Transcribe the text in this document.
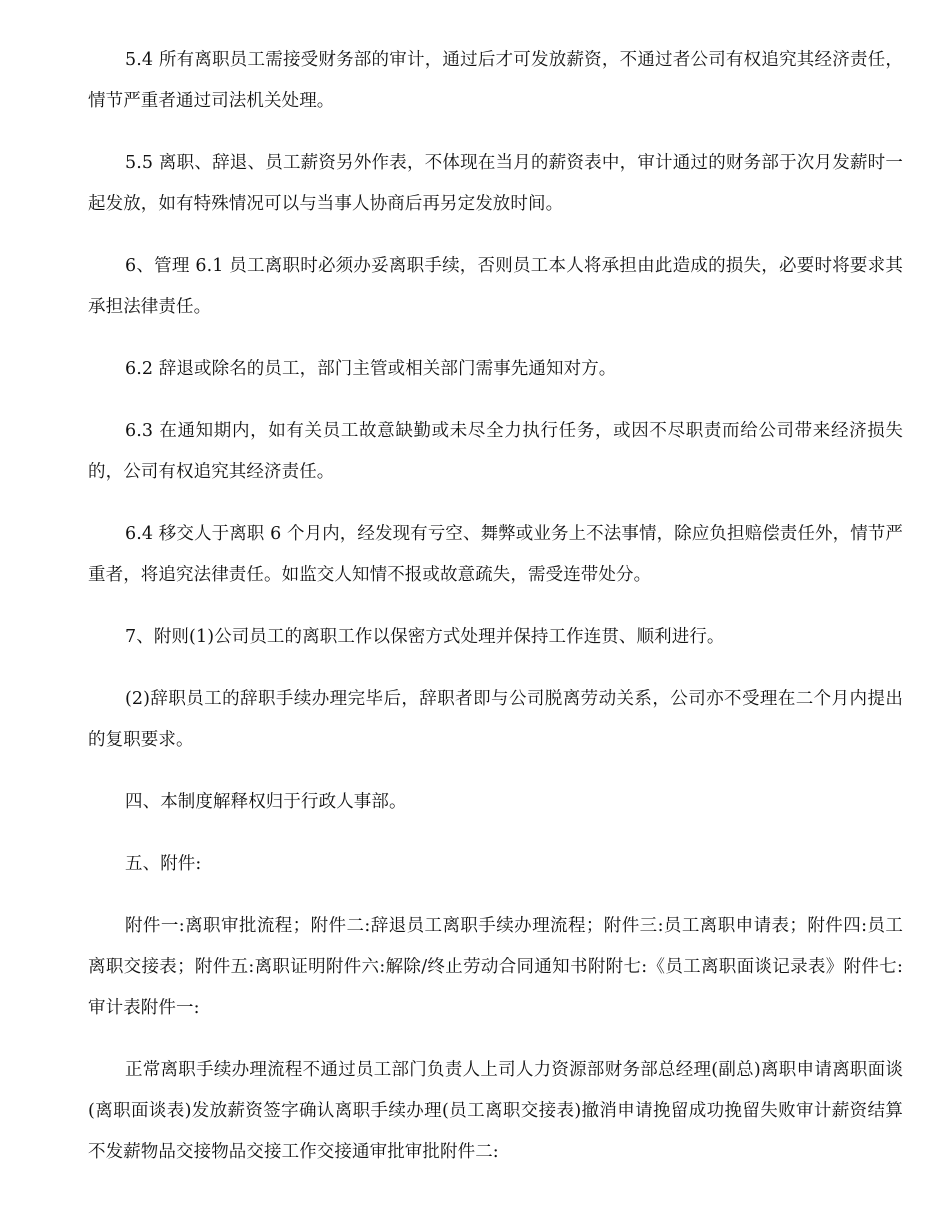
5.4 所有离职员工需接受财务部的审计，通过后才可发放薪资，不通过者公司有权追究其经济责任，情节严重者通过司法机关处理。

5.5 离职、辞退、员工薪资另外作表，不体现在当月的薪资表中，审计通过的财务部于次月发薪时一起发放，如有特殊情况可以与当事人协商后再另定发放时间。

6、管理 6.1 员工离职时必须办妥离职手续，否则员工本人将承担由此造成的损失，必要时将要求其承担法律责任。

6.2 辞退或除名的员工，部门主管或相关部门需事先通知对方。

6.3 在通知期内，如有关员工故意缺勤或未尽全力执行任务，或因不尽职责而给公司带来经济损失的，公司有权追究其经济责任。

6.4 移交人于离职 6 个月内，经发现有亏空、舞弊或业务上不法事情，除应负担赔偿责任外，情节严重者，将追究法律责任。如监交人知情不报或故意疏失，需受连带处分。

7、附则(1)公司员工的离职工作以保密方式处理并保持工作连贯、顺利进行。

(2)辞职员工的辞职手续办理完毕后，辞职者即与公司脱离劳动关系，公司亦不受理在二个月内提出的复职要求。

四、本制度解释权归于行政人事部。

五、附件:

附件一:离职审批流程；附件二:辞退员工离职手续办理流程；附件三:员工离职申请表；附件四:员工离职交接表；附件五:离职证明附件六:解除/终止劳动合同通知书附附七:《员工离职面谈记录表》附件七:审计表附件一:

正常离职手续办理流程不通过员工部门负责人上司人力资源部财务部总经理(副总)离职申请离职面谈(离职面谈表)发放薪资签字确认离职手续办理(员工离职交接表)撤消申请挽留成功挽留失败审计薪资结算不发薪物品交接物品交接工作交接通审批审批附件二:
